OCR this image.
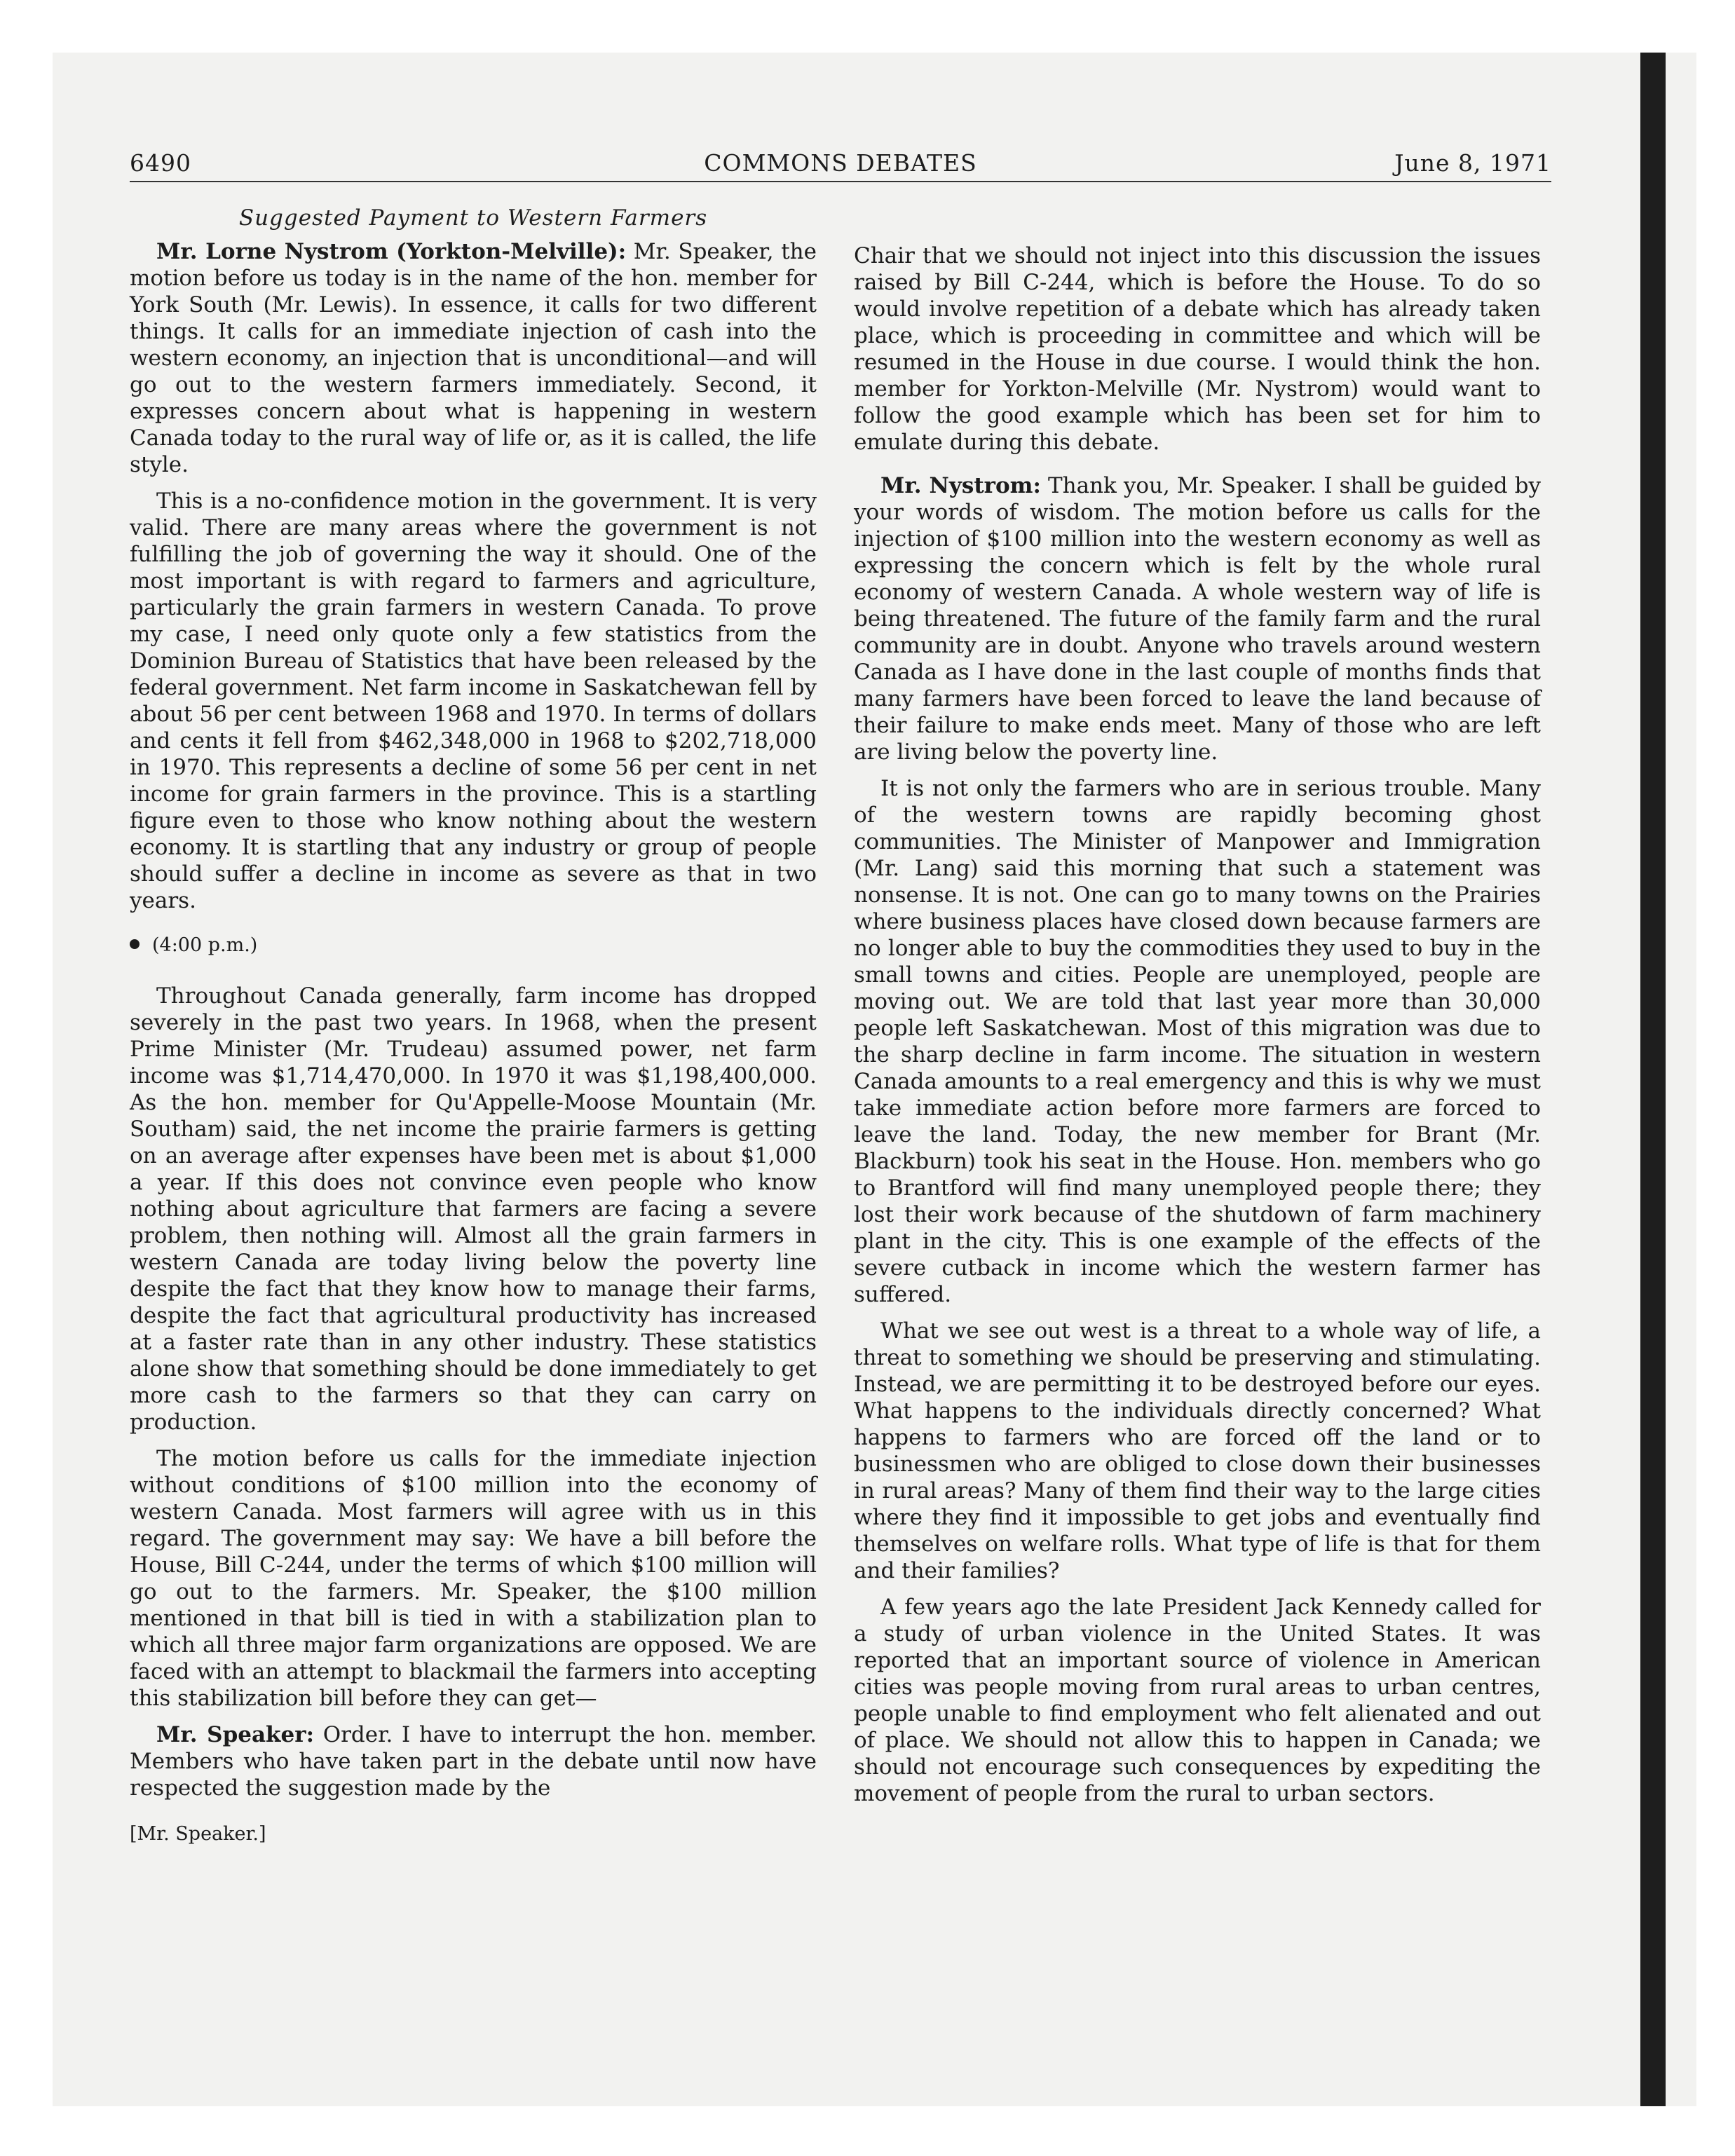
6490	COMMONS DEBATES	June 8, 1971

Suggested Payment to Western Farmers

Mr. Lorne Nystrom (Yorkton-Melville): Mr. Speaker, the motion before us today is in the name of the hon. member for York South (Mr. Lewis). In essence, it calls for two different things. It calls for an immediate injection of cash into the western economy, an injection that is unconditional—and will go out to the western farmers immediately. Second, it expresses concern about what is happening in western Canada today to the rural way of life or, as it is called, the life style.

This is a no-confidence motion in the government. It is very valid. There are many areas where the government is not fulfilling the job of governing the way it should. One of the most important is with regard to farmers and agriculture, particularly the grain farmers in western Canada. To prove my case, I need only quote only a few statistics from the Dominion Bureau of Statistics that have been released by the federal government. Net farm income in Saskatchewan fell by about 56 per cent between 1968 and 1970. In terms of dollars and cents it fell from $462,348,000 in 1968 to $202,718,000 in 1970. This represents a decline of some 56 per cent in net income for grain farmers in the province. This is a startling figure even to those who know nothing about the western economy. It is startling that any industry or group of people should suffer a decline in income as severe as that in two years.

(4:00 p.m.)

Throughout Canada generally, farm income has dropped severely in the past two years. In 1968, when the present Prime Minister (Mr. Trudeau) assumed power, net farm income was $1,714,470,000. In 1970 it was $1,198,400,000. As the hon. member for Qu'Appelle-Moose Mountain (Mr. Southam) said, the net income the prairie farmers is getting on an average after expenses have been met is about $1,000 a year. If this does not convince even people who know nothing about agriculture that farmers are facing a severe problem, then nothing will. Almost all the grain farmers in western Canada are today living below the poverty line despite the fact that they know how to manage their farms, despite the fact that agricultural productivity has increased at a faster rate than in any other industry. These statistics alone show that something should be done immediately to get more cash to the farmers so that they can carry on production.

The motion before us calls for the immediate injection without conditions of $100 million into the economy of western Canada. Most farmers will agree with us in this regard. The government may say: We have a bill before the House, Bill C-244, under the terms of which $100 million will go out to the farmers. Mr. Speaker, the $100 million mentioned in that bill is tied in with a stabilization plan to which all three major farm organizations are opposed. We are faced with an attempt to blackmail the farmers into accepting this stabilization bill before they can get—

Mr. Speaker: Order. I have to interrupt the hon. member. Members who have taken part in the debate until now have respected the suggestion made by the

[Mr. Speaker.]

Chair that we should not inject into this discussion the issues raised by Bill C-244, which is before the House. To do so would involve repetition of a debate which has already taken place, which is proceeding in committee and which will be resumed in the House in due course. I would think the hon. member for Yorkton-Melville (Mr. Nystrom) would want to follow the good example which has been set for him to emulate during this debate.

Mr. Nystrom: Thank you, Mr. Speaker. I shall be guided by your words of wisdom. The motion before us calls for the injection of $100 million into the western economy as well as expressing the concern which is felt by the whole rural economy of western Canada. A whole western way of life is being threatened. The future of the family farm and the rural community are in doubt. Anyone who travels around western Canada as I have done in the last couple of months finds that many farmers have been forced to leave the land because of their failure to make ends meet. Many of those who are left are living below the poverty line.

It is not only the farmers who are in serious trouble. Many of the western towns are rapidly becoming ghost communities. The Minister of Manpower and Immigration (Mr. Lang) said this morning that such a statement was nonsense. It is not. One can go to many towns on the Prairies where business places have closed down because farmers are no longer able to buy the commodities they used to buy in the small towns and cities. People are unemployed, people are moving out. We are told that last year more than 30,000 people left Saskatchewan. Most of this migration was due to the sharp decline in farm income. The situation in western Canada amounts to a real emergency and this is why we must take immediate action before more farmers are forced to leave the land. Today, the new member for Brant (Mr. Blackburn) took his seat in the House. Hon. members who go to Brantford will find many unemployed people there; they lost their work because of the shutdown of farm machinery plant in the city. This is one example of the effects of the severe cutback in income which the western farmer has suffered.

What we see out west is a threat to a whole way of life, a threat to something we should be preserving and stimulating. Instead, we are permitting it to be destroyed before our eyes. What happens to the individuals directly concerned? What happens to farmers who are forced off the land or to businessmen who are obliged to close down their businesses in rural areas? Many of them find their way to the large cities where they find it impossible to get jobs and eventually find themselves on welfare rolls. What type of life is that for them and their families?

A few years ago the late President Jack Kennedy called for a study of urban violence in the United States. It was reported that an important source of violence in American cities was people moving from rural areas to urban centres, people unable to find employment who felt alienated and out of place. We should not allow this to happen in Canada; we should not encourage such consequences by expediting the movement of people from the rural to urban sectors.
